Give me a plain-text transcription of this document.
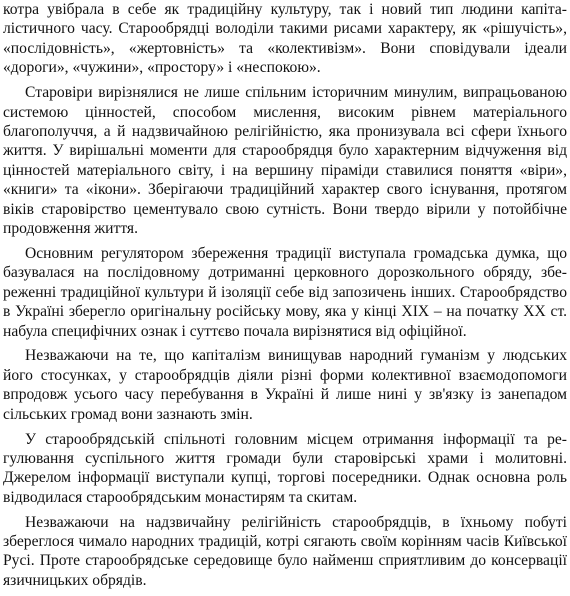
котра увібрала в себе як традиційну культуру, так і новий тип людини капіталістичного часу. Старообрядці володіли такими рисами характеру, як «рішучість», «послідовність», «жертовність» та «колективізм». Вони сповідували ідеали «дороги», «чужини», «простору» і «неспокою».

Старовіри вирізнялися не лише спільним історичним минулим, випрацьованою системою цінностей, способом мислення, високим рівнем матеріального благополуччя, а й надзвичайною релігійністю, яка пронизувала всі сфери їхнього життя. У вирішальні моменти для старообрядця було характерним відчуження від цінностей матеріального світу, і на вершину піраміди ставилися поняття «віри», «книги» та «ікони». Зберігаючи традиційний характер свого існування, протягом віків старовірство цементувало свою сутність. Вони твердо вірили у потойбічне продовження життя.

Основним регулятором збереження традиції виступала громадська думка, що базувалася на послідовному дотриманні церковного дорозкольного обряду, збереженні традиційної культури й ізоляції себе від запозичень інших. Старообрядство в Україні зберегло оригінальну російську мову, яка у кінці XIX – на початку XX ст. набула специфічних ознак і суттєво почала вирізнятися від офіційної.

Незважаючи на те, що капіталізм винищував народний гуманізм у людських його стосунках, у старообрядців діяли різні форми колективної взаємодопомоги впродовж усього часу перебування в Україні й лише нині у зв'язку із занепадом сільських громад вони зазнають змін.

У старообрядській спільноті головним місцем отримання інформації та регулювання суспільного життя громади були старовірські храми і молитовні. Джерелом інформації виступали купці, торгові посередники. Однак основна роль відводилася старообрядським монастирям та скитам.

Незважаючи на надзвичайну релігійність старообрядців, в їхньому побуті збереглося чимало народних традицій, котрі сягають своїм корінням часів Київської Русі. Проте старообрядське середовище було найменш сприятливим до консервації язичницьких обрядів.
